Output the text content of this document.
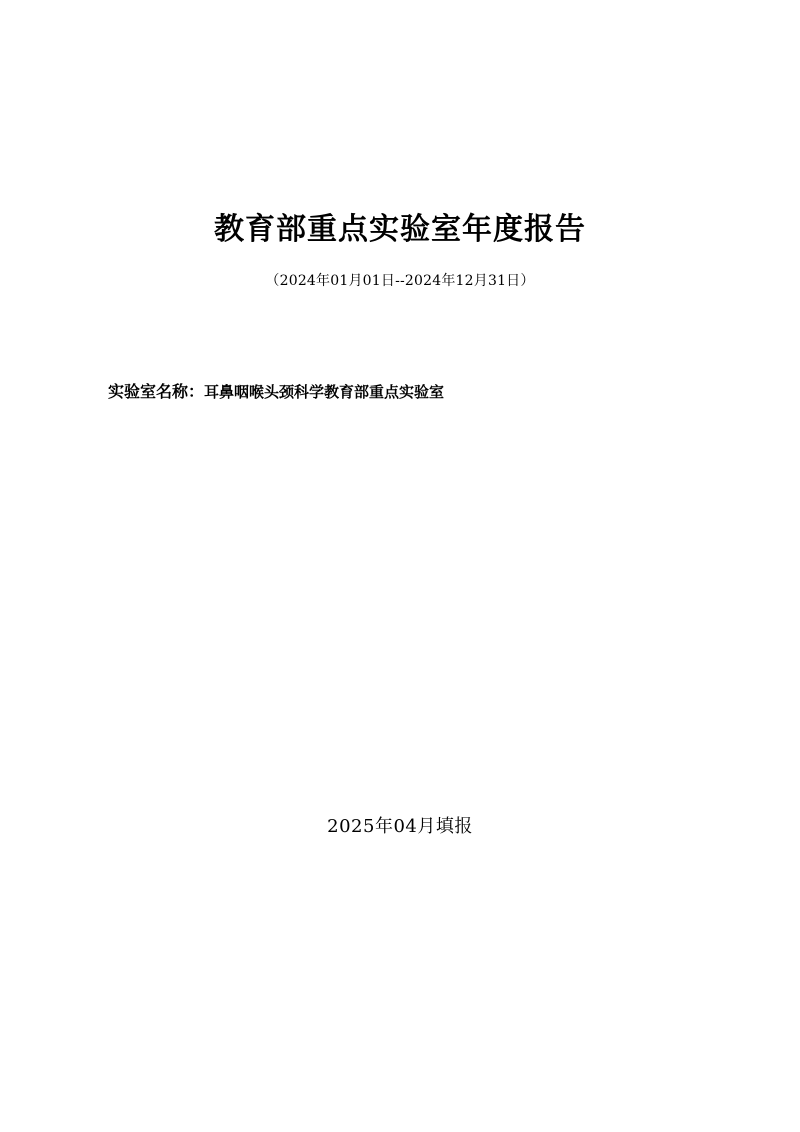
教育部重点实验室年度报告
（2024年01月01日--2024年12月31日）
实验室名称：耳鼻咽喉头颈科学教育部重点实验室
2025年04月填报
